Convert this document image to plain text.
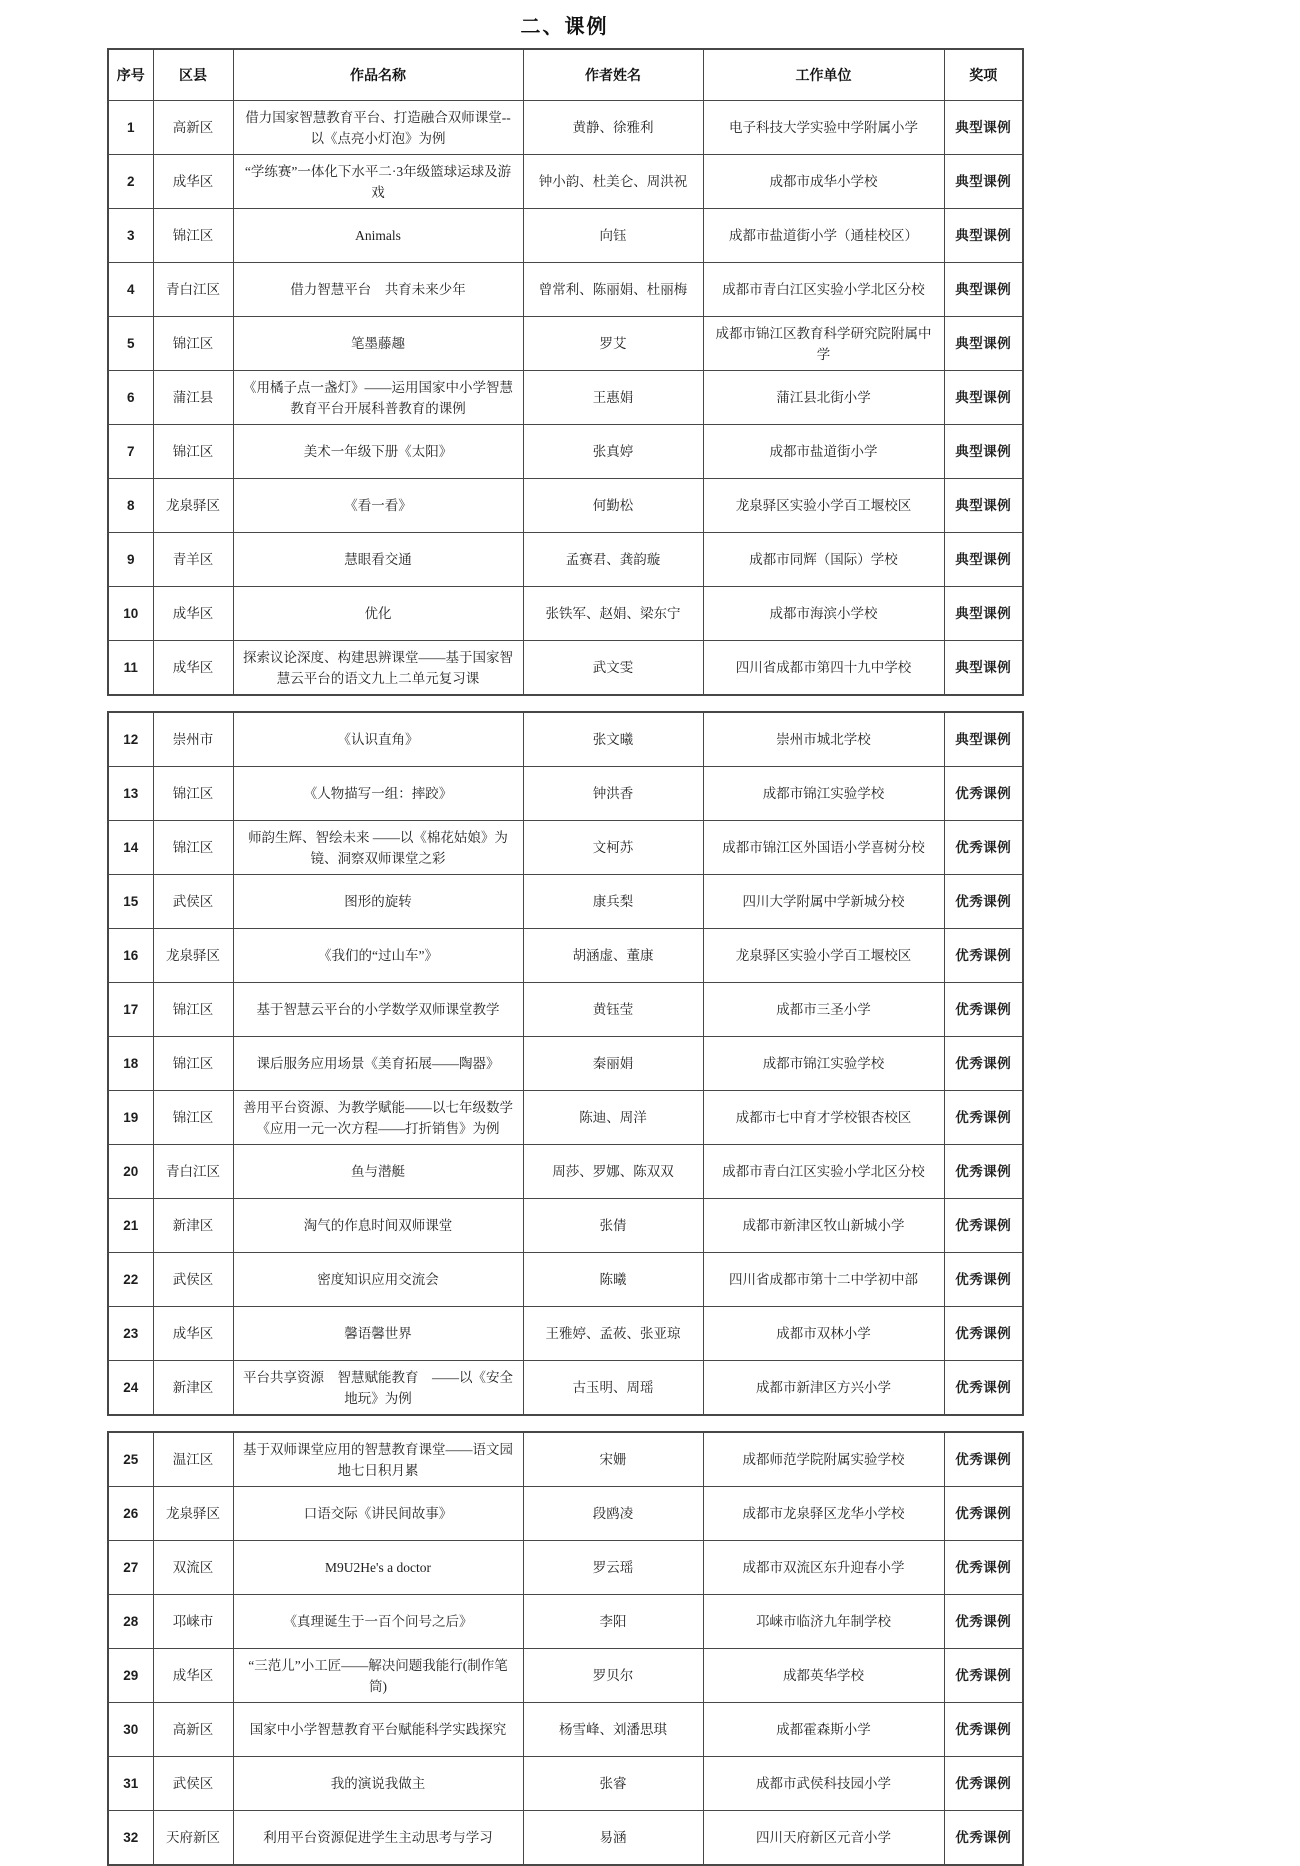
二、课例
序号	区县	作品名称	作者姓名	工作单位	奖项
1	高新区	借力国家智慧教育平台、打造融合双师课堂--以《点亮小灯泡》为例	黄静、徐雅利	电子科技大学实验中学附属小学	典型课例
2	成华区	“学练赛”一体化下水平二·3年级篮球运球及游戏	钟小韵、杜美仑、周洪祝	成都市成华小学校	典型课例
3	锦江区	Animals	向钰	成都市盐道街小学（通桂校区）	典型课例
4	青白江区	借力智慧平台　共育未来少年	曾常利、陈丽娟、杜丽梅	成都市青白江区实验小学北区分校	典型课例
5	锦江区	笔墨藤趣	罗艾	成都市锦江区教育科学研究院附属中学	典型课例
6	蒲江县	《用橘子点一盏灯》——运用国家中小学智慧教育平台开展科普教育的课例	王惠娟	蒲江县北街小学	典型课例
7	锦江区	美术一年级下册《太阳》	张真婷	成都市盐道街小学	典型课例
8	龙泉驿区	《看一看》	何勤松	龙泉驿区实验小学百工堰校区	典型课例
9	青羊区	慧眼看交通	孟赛君、龚韵璇	成都市同辉（国际）学校	典型课例
10	成华区	优化	张铁军、赵娟、梁东宁	成都市海滨小学校	典型课例
11	成华区	探索议论深度、构建思辨课堂——基于国家智慧云平台的语文九上二单元复习课	武文雯	四川省成都市第四十九中学校	典型课例
12	崇州市	《认识直角》	张文曦	崇州市城北学校	典型课例
13	锦江区	《人物描写一组：摔跤》	钟洪香	成都市锦江实验学校	优秀课例
14	锦江区	师韵生辉、智绘未来 ——以《棉花姑娘》为镜、洞察双师课堂之彩	文柯苏	成都市锦江区外国语小学喜树分校	优秀课例
15	武侯区	图形的旋转	康兵梨	四川大学附属中学新城分校	优秀课例
16	龙泉驿区	《我们的“过山车”》	胡涵虚、董康	龙泉驿区实验小学百工堰校区	优秀课例
17	锦江区	基于智慧云平台的小学数学双师课堂教学	黄钰莹	成都市三圣小学	优秀课例
18	锦江区	课后服务应用场景《美育拓展——陶器》	秦丽娟	成都市锦江实验学校	优秀课例
19	锦江区	善用平台资源、为教学赋能——以七年级数学《应用一元一次方程——打折销售》为例	陈迪、周洋	成都市七中育才学校银杏校区	优秀课例
20	青白江区	鱼与潜艇	周莎、罗娜、陈双双	成都市青白江区实验小学北区分校	优秀课例
21	新津区	淘气的作息时间双师课堂	张倩	成都市新津区牧山新城小学	优秀课例
22	武侯区	密度知识应用交流会	陈曦	四川省成都市第十二中学初中部	优秀课例
23	成华区	馨语馨世界	王雅婷、孟莜、张亚琼	成都市双林小学	优秀课例
24	新津区	平台共享资源　智慧赋能教育　——以《安全地玩》为例	古玉明、周瑶	成都市新津区方兴小学	优秀课例
25	温江区	基于双师课堂应用的智慧教育课堂——语文园地七日积月累	宋姗	成都师范学院附属实验学校	优秀课例
26	龙泉驿区	口语交际《讲民间故事》	段鸥凌	成都市龙泉驿区龙华小学校	优秀课例
27	双流区	M9U2He's a doctor	罗云瑶	成都市双流区东升迎春小学	优秀课例
28	邛崃市	《真理诞生于一百个问号之后》	李阳	邛崃市临济九年制学校	优秀课例
29	成华区	“三范儿”小工匠——解决问题我能行(制作笔筒)	罗贝尔	成都英华学校	优秀课例
30	高新区	国家中小学智慧教育平台赋能科学实践探究	杨雪峰、刘潘思琪	成都霍森斯小学	优秀课例
31	武侯区	我的演说我做主	张睿	成都市武侯科技园小学	优秀课例
32	天府新区	利用平台资源促进学生主动思考与学习	易涵	四川天府新区元音小学	优秀课例
